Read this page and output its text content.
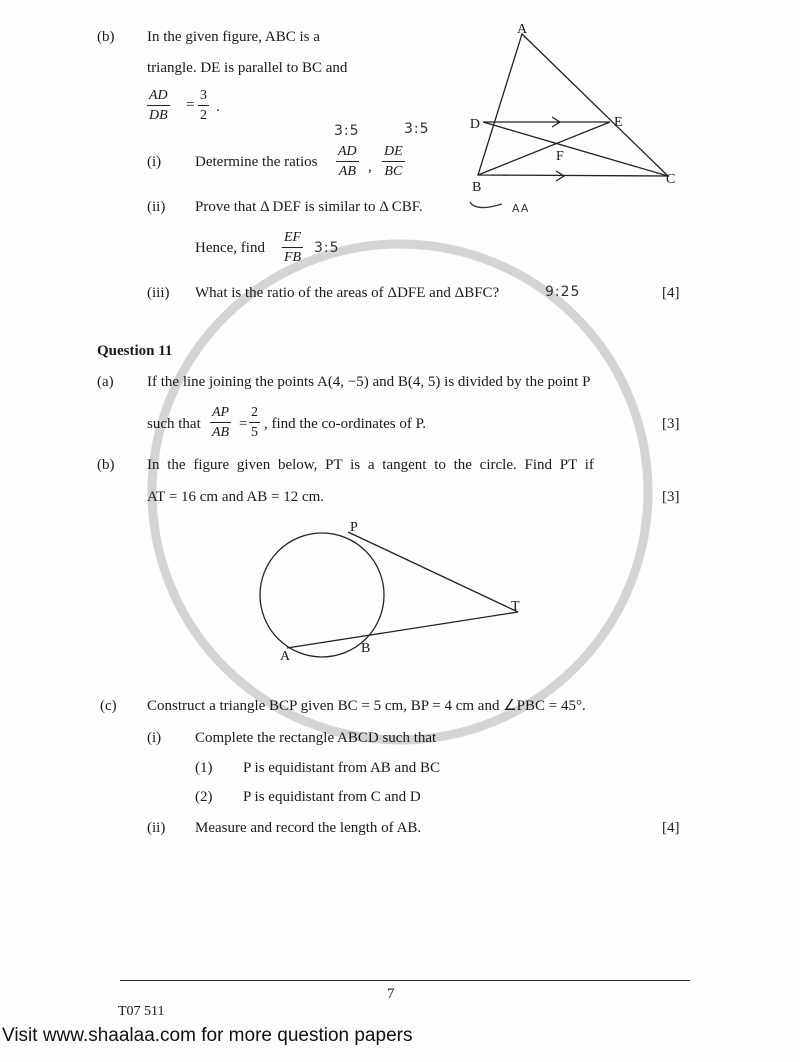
(b) In the given figure, ABC is a
triangle. DE is parallel to BC and
$\frac{AD}{DB} = \frac{3}{2}$ .
3:5	3:5
(i) Determine the ratios $\frac{AD}{AB}$ , $\frac{DE}{BC}$
(ii) Prove that Δ DEF is similar to Δ CBF.	AA
Hence, find $\frac{EF}{FB}$ 3:5
(iii) What is the ratio of the areas of ΔDFE and ΔBFC?	9:25	[4]
A
D	E
F
B
C
Question 11
(a) If the line joining the points A(4, −5) and B(4, 5) is divided by the point P
such that $\frac{AP}{AB} = \frac{2}{5}$ , find the co-ordinates of P.	[3]
(b) In the figure given below, PT is a tangent to the circle. Find PT if
AT = 16 cm and AB = 12 cm.	[3]
P
T
A
B
(c) Construct a triangle BCP given BC = 5 cm, BP = 4 cm and ∠PBC = 45°.
(i) Complete the rectangle ABCD such that
(1) P is equidistant from AB and BC
(2) P is equidistant from C and D
(ii) Measure and record the length of AB.	[4]
7
T07 511
Visit www.shaalaa.com for more question papers
